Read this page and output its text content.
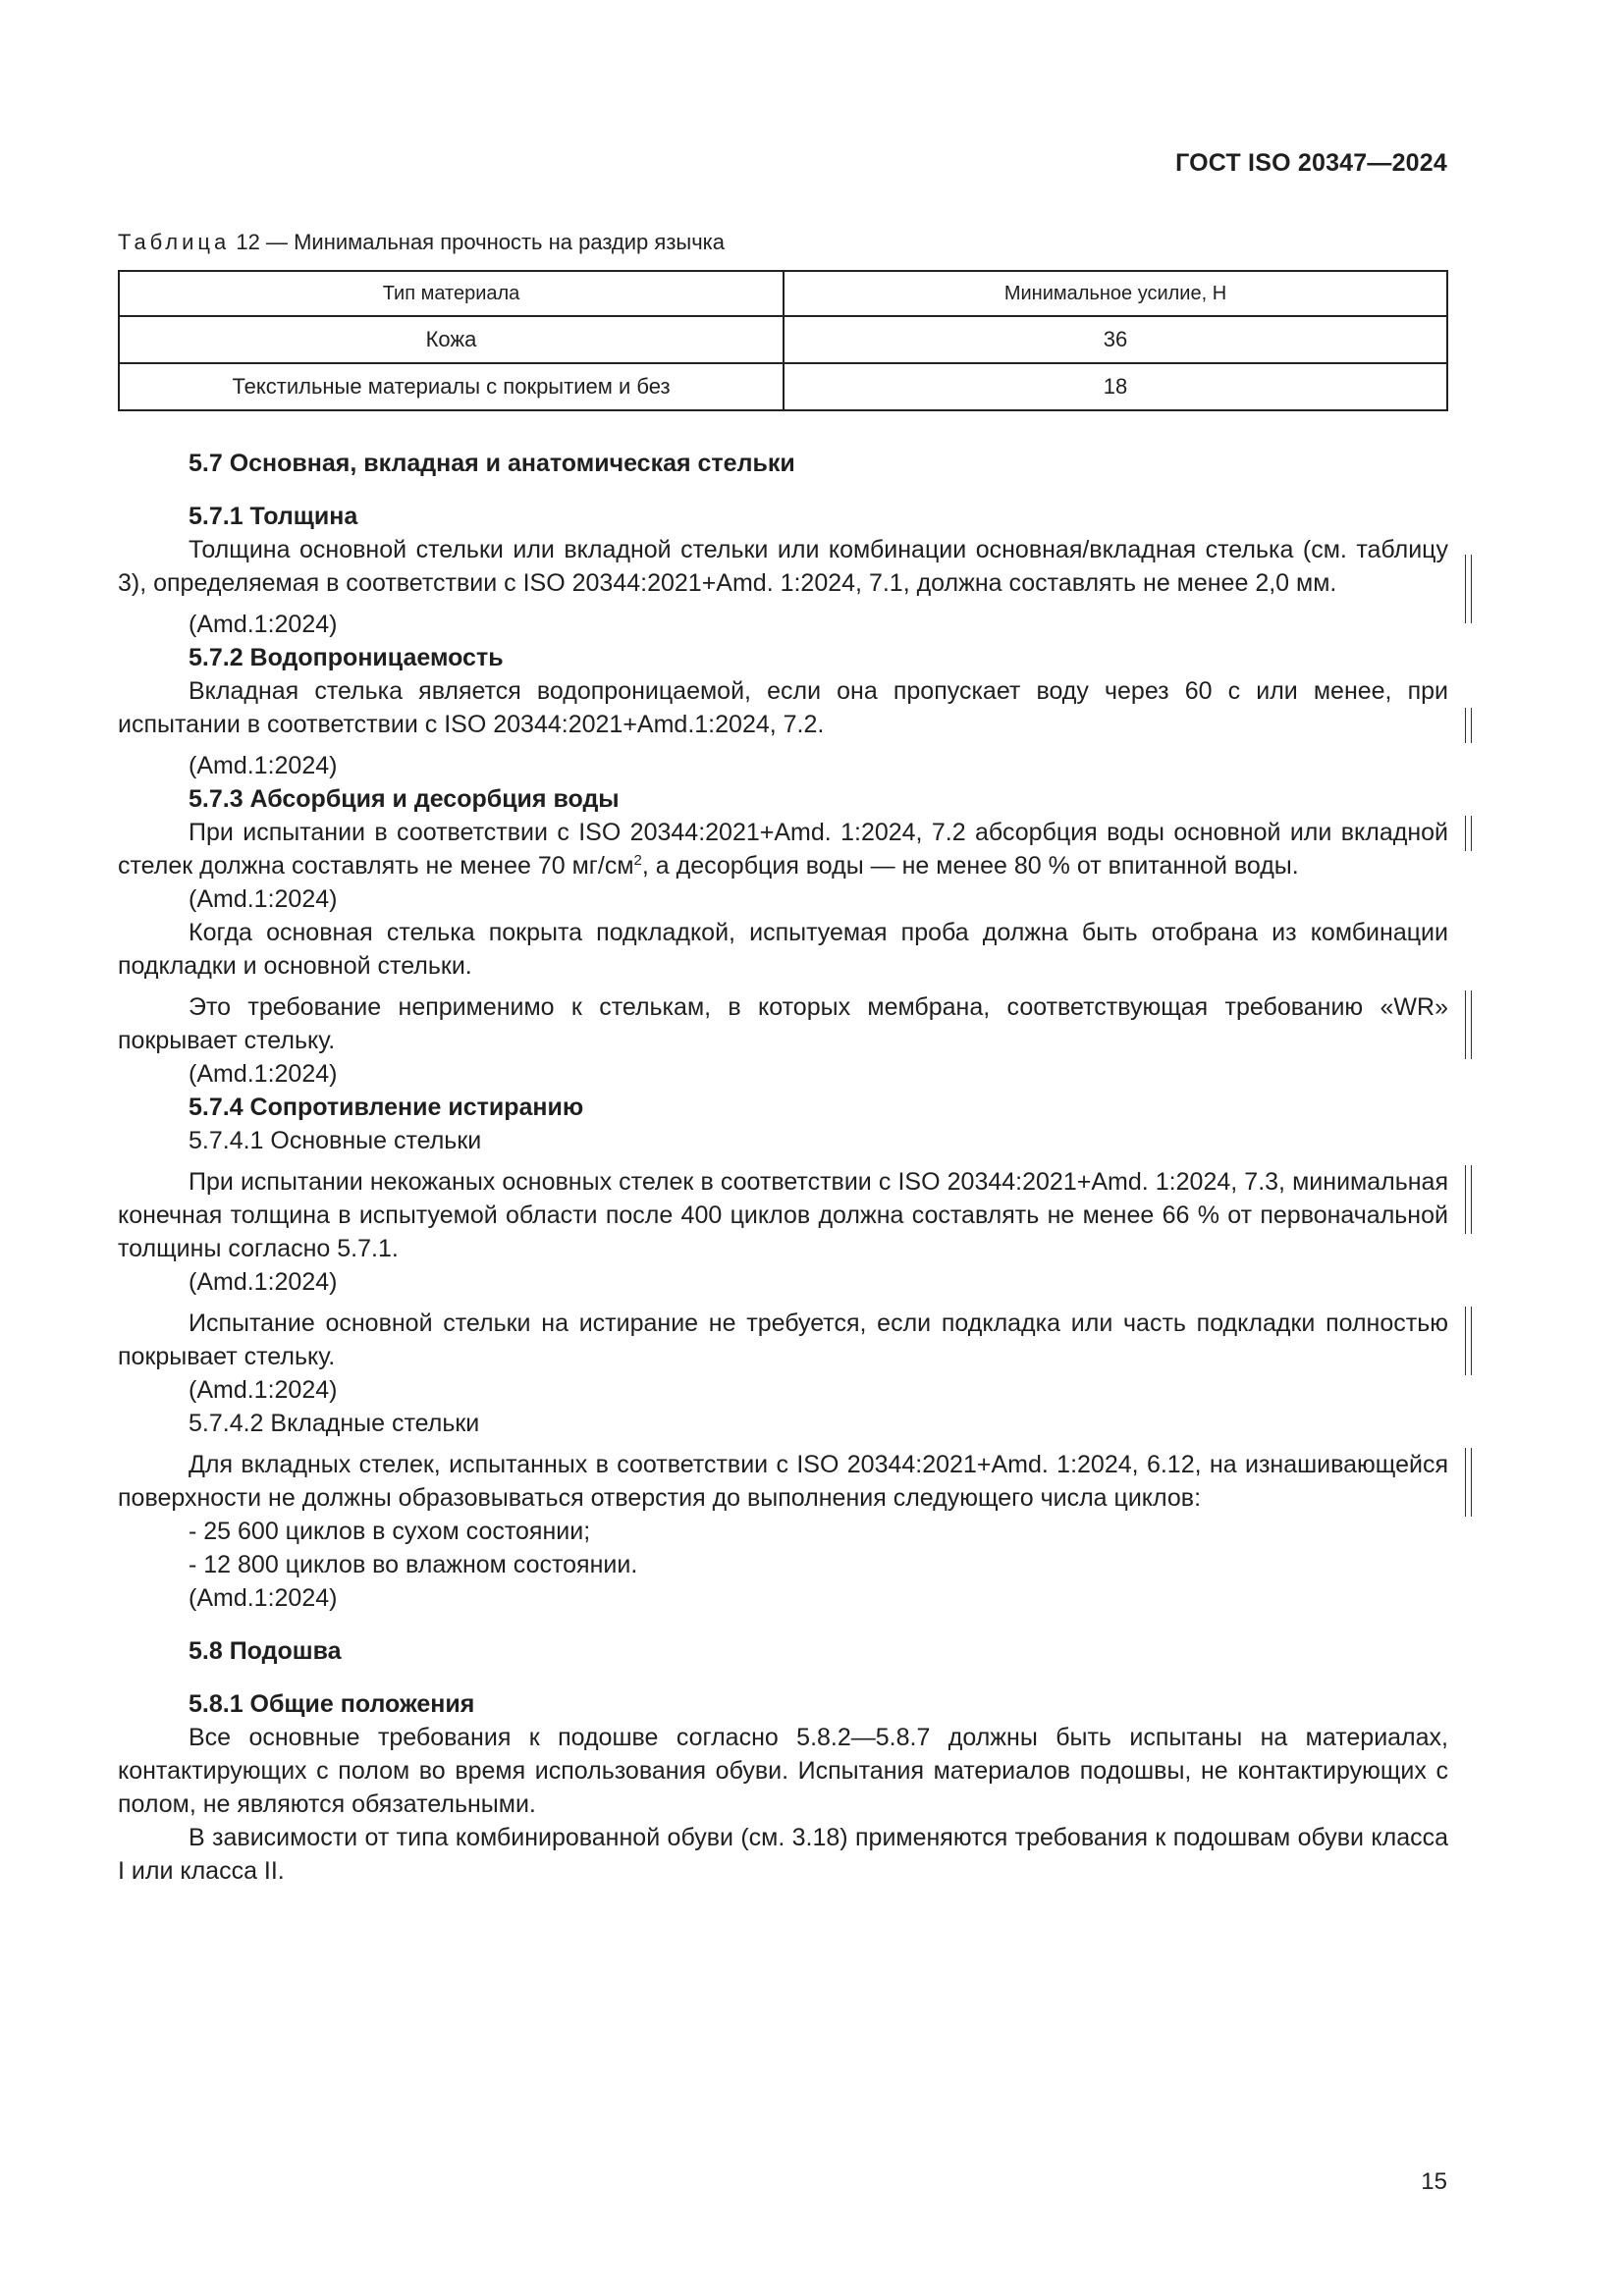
ГОСТ ISO 20347—2024
Таблица 12 — Минимальная прочность на раздир язычка
Тип материала	Минимальное усилие, Н
Кожа	36
Текстильные материалы с покрытием и без	18

5.7 Основная, вкладная и анатомическая стельки

5.7.1 Толщина

Толщина основной стельки или вкладной стельки или комбинации основная/вкладная стелька (см. таблицу 3), определяемая в соответствии с ISO 20344:2021+Amd. 1:2024, 7.1, должна составлять не менее 2,0 мм.

(Amd.1:2024)

5.7.2 Водопроницаемость

Вкладная стелька является водопроницаемой, если она пропускает воду через 60 с или менее, при испытании в соответствии с ISO 20344:2021+Amd.1:2024, 7.2.

(Amd.1:2024)

5.7.3 Абсорбция и десорбция воды

При испытании в соответствии с ISO 20344:2021+Amd. 1:2024, 7.2 абсорбция воды основной или вкладной стелек должна составлять не менее 70 $мг/см^2$, а десорбция воды — не менее 80 % от впитанной воды.

(Amd.1:2024)

Когда основная стелька покрыта подкладкой, испытуемая проба должна быть отобрана из комбинации подкладки и основной стельки.

Это требование неприменимо к стелькам, в которых мембрана, соответствующая требованию «WR» покрывает стельку.

(Amd.1:2024)

5.7.4 Сопротивление истиранию

5.7.4.1 Основные стельки

При испытании некожаных основных стелек в соответствии с ISO 20344:2021+Amd. 1:2024, 7.3, минимальная конечная толщина в испытуемой области после 400 циклов должна составлять не менее 66 % от первоначальной толщины согласно 5.7.1.

(Amd.1:2024)

Испытание основной стельки на истирание не требуется, если подкладка или часть подкладки полностью покрывает стельку.

(Amd.1:2024)

5.7.4.2 Вкладные стельки

Для вкладных стелек, испытанных в соответствии с ISO 20344:2021+Amd. 1:2024, 6.12, на изнашивающейся поверхности не должны образовываться отверстия до выполнения следующего числа циклов:

- 25 600 циклов в сухом состоянии;

- 12 800 циклов во влажном состоянии.

(Amd.1:2024)

5.8 Подошва

5.8.1 Общие положения

Все основные требования к подошве согласно 5.8.2—5.8.7 должны быть испытаны на материалах, контактирующих с полом во время использования обуви. Испытания материалов подошвы, не контактирующих с полом, не являются обязательными.

В зависимости от типа комбинированной обуви (см. 3.18) применяются требования к подошвам обуви класса I или класса II.

15
